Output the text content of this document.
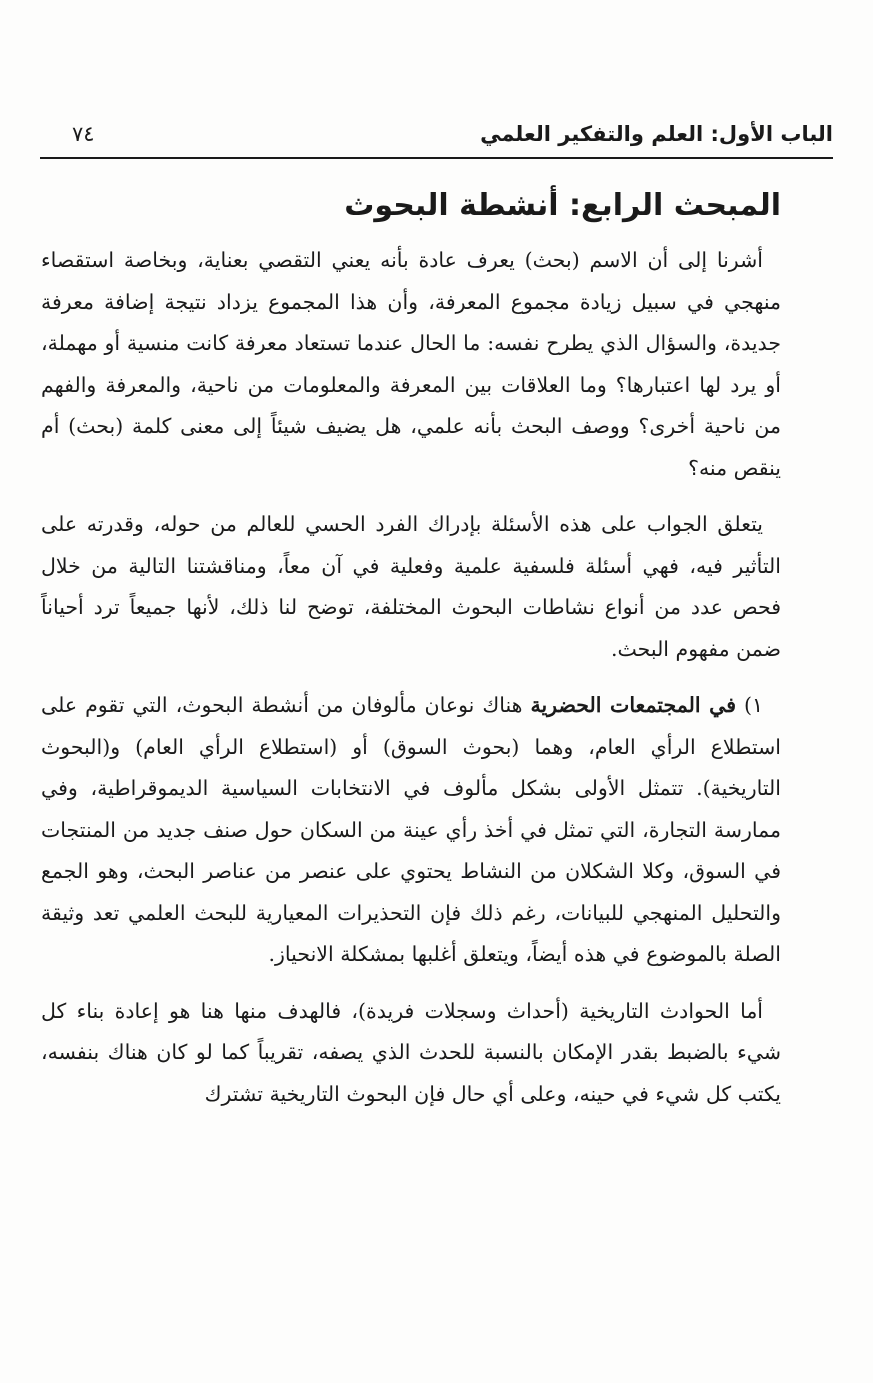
الباب الأول: العلم والتفكير العلمي
٧٤
المبحث الرابع: أنشطة البحوث

أشرنا إلى أن الاسم (بحث) يعرف عادة بأنه يعني التقصي بعناية، وبخاصة استقصاء منهجي في سبيل زيادة مجموع المعرفة، وأن هذا المجموع يزداد نتيجة إضافة معرفة جديدة، والسؤال الذي يطرح نفسه: ما الحال عندما تستعاد معرفة كانت منسية أو مهملة، أو يرد لها اعتبارها؟ وما العلاقات بين المعرفة والمعلومات من ناحية، والمعرفة والفهم من ناحية أخرى؟ ووصف البحث بأنه علمي، هل يضيف شيئاً إلى معنى كلمة (بحث) أم ينقص منه؟

يتعلق الجواب على هذه الأسئلة بإدراك الفرد الحسي للعالم من حوله، وقدرته على التأثير فيه، فهي أسئلة فلسفية علمية وفعلية في آن معاً، ومناقشتنا التالية من خلال فحص عدد من أنواع نشاطات البحوث المختلفة، توضح لنا ذلك، لأنها جميعاً ترد أحياناً ضمن مفهوم البحث.

١) في المجتمعات الحضرية هناك نوعان مألوفان من أنشطة البحوث، التي تقوم على استطلاع الرأي العام، وهما (بحوث السوق) أو (استطلاع الرأي العام) و(البحوث التاريخية). تتمثل الأولى بشكل مألوف في الانتخابات السياسية الديموقراطية، وفي ممارسة التجارة، التي تمثل في أخذ رأي عينة من السكان حول صنف جديد من المنتجات في السوق، وكلا الشكلان من النشاط يحتوي على عنصر من عناصر البحث، وهو الجمع والتحليل المنهجي للبيانات، رغم ذلك فإن التحذيرات المعيارية للبحث العلمي تعد وثيقة الصلة بالموضوع في هذه أيضاً، ويتعلق أغلبها بمشكلة الانحياز.

أما الحوادث التاريخية (أحداث وسجلات فريدة)، فالهدف منها هنا هو إعادة بناء كل شيء بالضبط بقدر الإمكان بالنسبة للحدث الذي يصفه، تقريباً كما لو كان هناك بنفسه، يكتب كل شيء في حينه، وعلى أي حال فإن البحوث التاريخية تشترك
